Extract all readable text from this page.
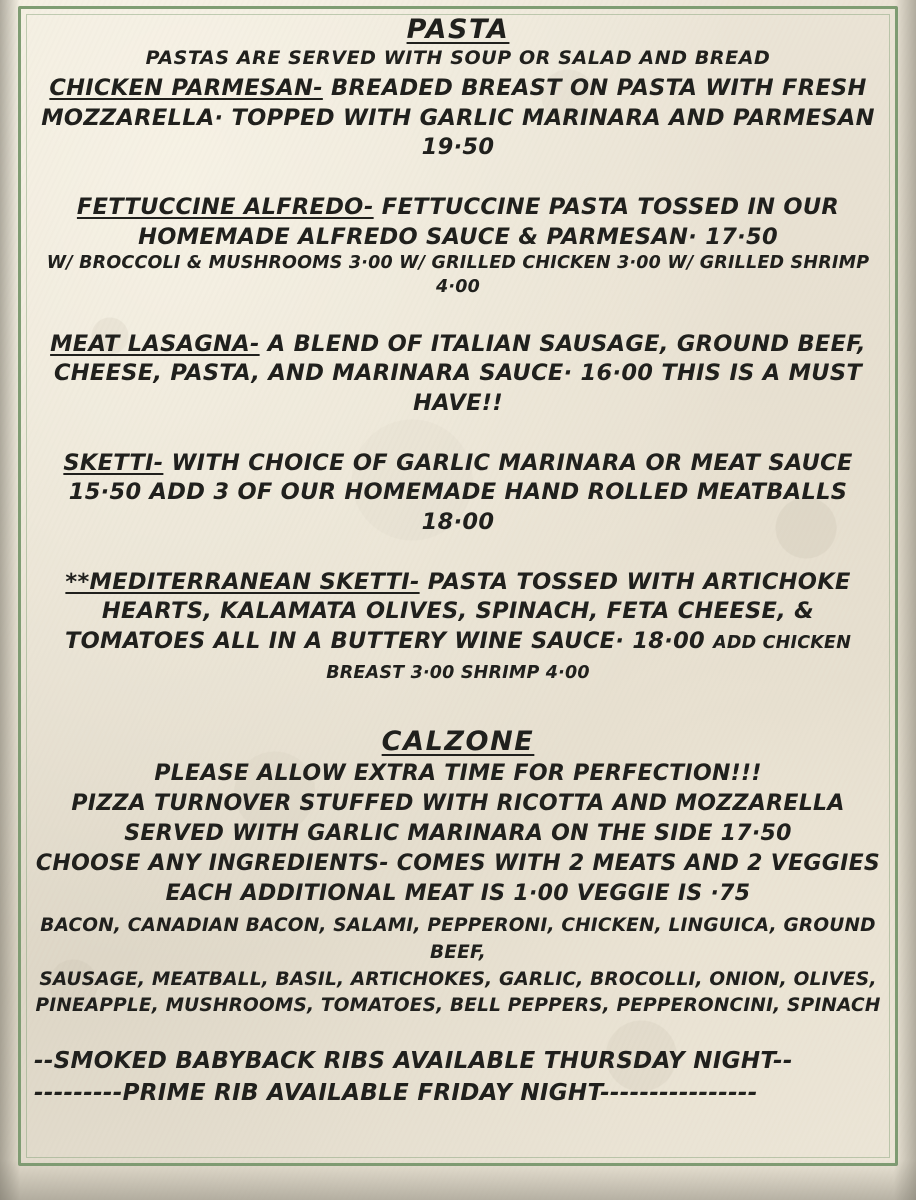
PASTA
PASTAS ARE SERVED WITH SOUP OR SALAD AND BREAD
CHICKEN PARMESAN- BREADED BREAST ON PASTA WITH FRESH MOZZARELLA· TOPPED WITH GARLIC MARINARA AND PARMESAN 19·50
FETTUCCINE ALFREDO- FETTUCCINE PASTA TOSSED IN OUR HOMEMADE ALFREDO SAUCE & PARMESAN· 17·50
W/ BROCCOLI & MUSHROOMS 3·00 W/ GRILLED CHICKEN 3·00 W/ GRILLED SHRIMP 4·00
MEAT LASAGNA- A BLEND OF ITALIAN SAUSAGE, GROUND BEEF, CHEESE, PASTA, AND MARINARA SAUCE· 16·00 THIS IS A MUST HAVE!!
SKETTI- WITH CHOICE OF GARLIC MARINARA OR MEAT SAUCE 15·50 ADD 3 OF OUR HOMEMADE HAND ROLLED MEATBALLS 18·00
**MEDITERRANEAN SKETTI- PASTA TOSSED WITH ARTICHOKE HEARTS, KALAMATA OLIVES, SPINACH, FETA CHEESE, & TOMATOES ALL IN A BUTTERY WINE SAUCE· 18·00 ADD CHICKEN BREAST 3·00 SHRIMP 4·00
CALZONE
PLEASE ALLOW EXTRA TIME FOR PERFECTION!!!
PIZZA TURNOVER STUFFED WITH RICOTTA AND MOZZARELLA
SERVED WITH GARLIC MARINARA ON THE SIDE 17·50
CHOOSE ANY INGREDIENTS- COMES WITH 2 MEATS AND 2 VEGGIES
EACH ADDITIONAL MEAT IS 1·00 VEGGIE IS ·75
BACON, CANADIAN BACON, SALAMI, PEPPERONI, CHICKEN, LINGUICA, GROUND BEEF,
SAUSAGE, MEATBALL, BASIL, ARTICHOKES, GARLIC, BROCOLLI, ONION, OLIVES,
PINEAPPLE, MUSHROOMS, TOMATOES, BELL PEPPERS, PEPPERONCINI, SPINACH
--SMOKED BABYBACK RIBS AVAILABLE THURSDAY NIGHT--
---------PRIME RIB AVAILABLE FRIDAY NIGHT----------------
